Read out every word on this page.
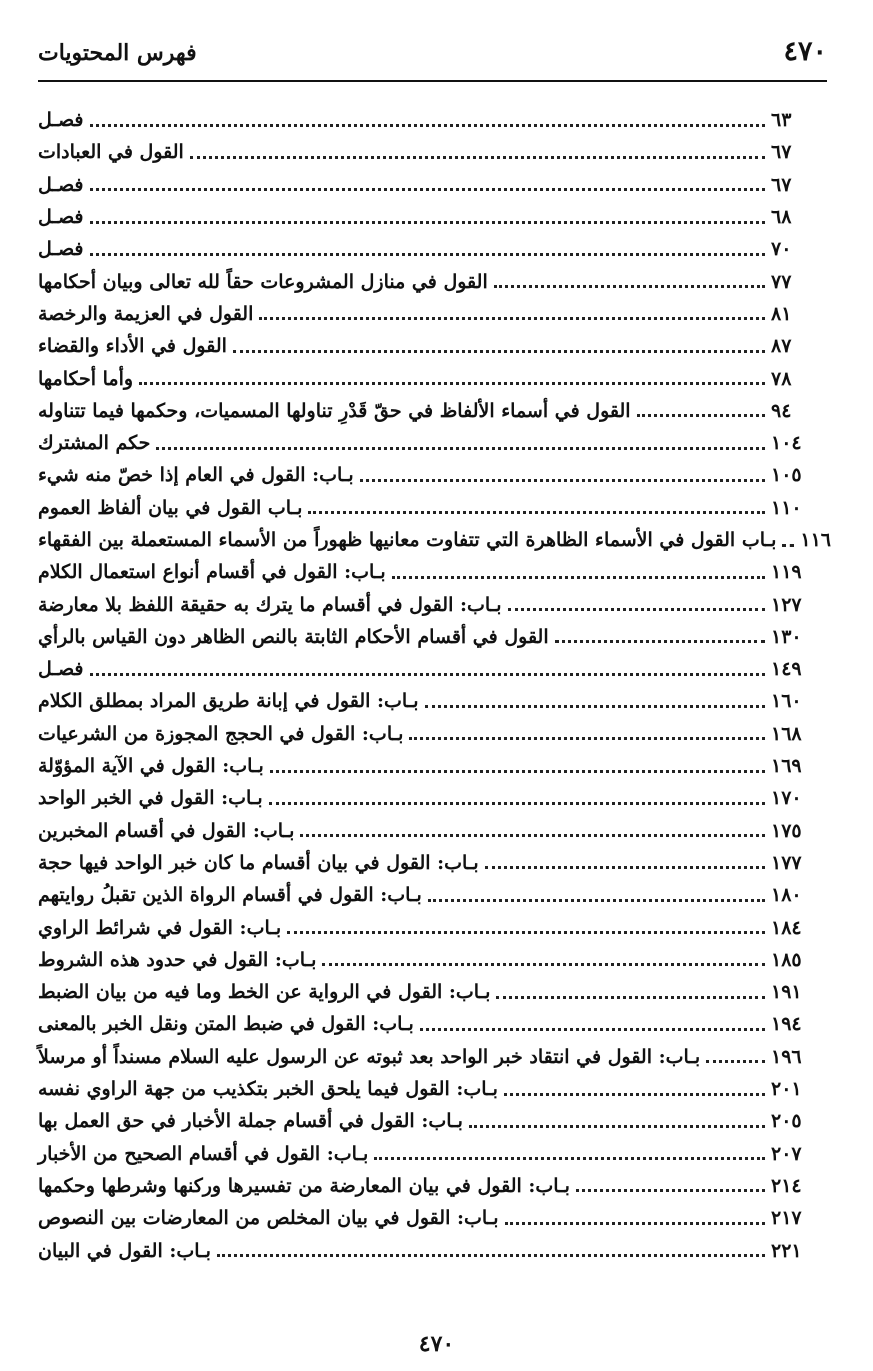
فهرس المحتويات	٤٧٠
فصـل	٦٣
القول في العبادات	٦٧
فصـل	٦٧
فصـل	٦٨
فصـل	٧٠
القول في منازل المشروعات حقاً لله تعالى وبيان أحكامها	٧٧
القول في العزيمة والرخصة	٨١
القول في الأداء والقضاء	٨٧
وأما أحكامها	٧٨
القول في أسماء الألفاظ في حقّ قَدْرِ تناولها المسميات، وحكمها فيما تتناوله	٩٤
حكم المشترك	١٠٤
بـاب: القول في العام إذا خصّ منه شيء	١٠٥
بـاب القول في بيان ألفاظ العموم	١١٠
بـاب القول في الأسماء الظاهرة التي تتفاوت معانيها ظهوراً من الأسماء المستعملة بين الفقهاء ١١٦
بـاب: القول في أقسام أنواع استعمال الكلام	١١٩
بـاب: القول في أقسام ما يترك به حقيقة اللفظ بلا معارضة	١٢٧
القول في أقسام الأحكام الثابتة بالنص الظاهر دون القياس بالرأي	١٣٠
فصـل	١٤٩
بـاب: القول في إبانة طريق المراد بمطلق الكلام	١٦٠
بـاب: القول في الحجج المجوزة من الشرعيات	١٦٨
بـاب: القول في الآية المؤوّلة	١٦٩
بـاب: القول في الخبر الواحد	١٧٠
بـاب: القول في أقسام المخبرين	١٧٥
بـاب: القول في بيان أقسام ما كان خبر الواحد فيها حجة	١٧٧
بـاب: القول في أقسام الرواة الذين تقبلُ روايتهم	١٨٠
بـاب: القول في شرائط الراوي	١٨٤
بـاب: القول في حدود هذه الشروط	١٨٥
بـاب: القول في الرواية عن الخط وما فيه من بيان الضبط	١٩١
بـاب: القول في ضبط المتن ونقل الخبر بالمعنى	١٩٤
بـاب: القول في انتقاد خبر الواحد بعد ثبوته عن الرسول عليه السلام مسنداً أو مرسلاً	١٩٦
بـاب: القول فيما يلحق الخبر بتكذيب من جهة الراوي نفسه	٢٠١
بـاب: القول في أقسام جملة الأخبار في حق العمل بها	٢٠٥
بـاب: القول في أقسام الصحيح من الأخبار	٢٠٧
بـاب: القول في بيان المعارضة من تفسيرها وركنها وشرطها وحكمها	٢١٤
بـاب: القول في بيان المخلص من المعارضات بين النصوص	٢١٧
بـاب: القول في البيان	٢٢١
٤٧٠
